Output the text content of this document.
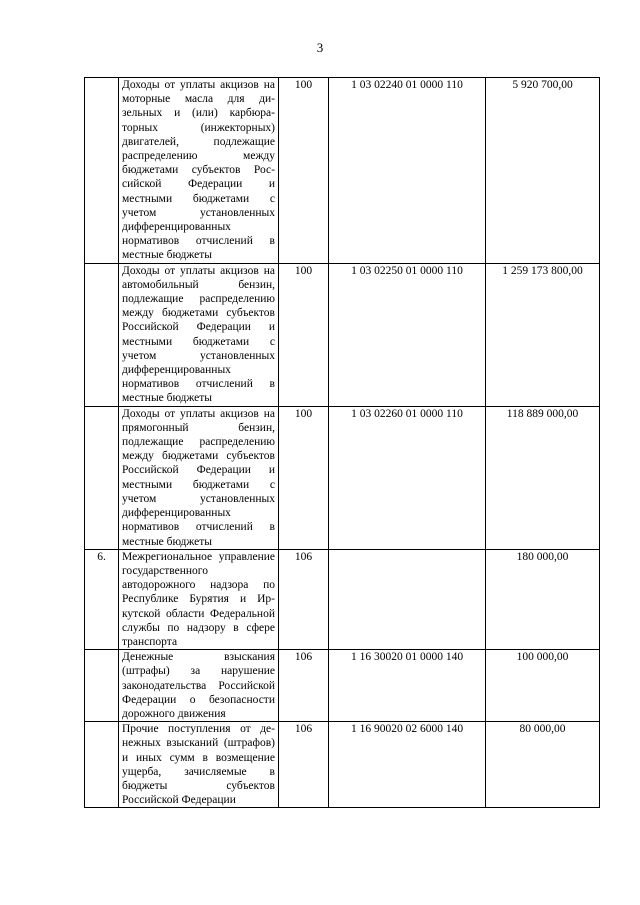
3

	Доходы от уплаты акцизов на моторные масла для дизельных и (или) карбюраторных (инжекторных) двигателей, подлежащие распределению между бюджетами субъектов Российской Федерации и местными бюджетами с учетом установленных дифференцированных нормативов отчислений в местные бюджеты	100	1 03 02240 01 0000 110	5 920 700,00

	Доходы от уплаты акцизов на автомобильный бензин, подлежащие распределению между бюджетами субъектов Российской Федерации и местными бюджетами с учетом установленных дифференцированных нормативов отчислений в местные бюджеты	100	1 03 02250 01 0000 110	1 259 173 800,00

	Доходы от уплаты акцизов на прямогонный бензин, подлежащие распределению между бюджетами субъектов Российской Федерации и местными бюджетами с учетом установленных дифференцированных нормативов отчислений в местные бюджеты	100	1 03 02260 01 0000 110	118 889 000,00
6.	Межрегиональное управление государственного автодорожного надзора по Республике Бурятия и Иркутской области Федеральной службы по надзору в сфере транспорта	106		180 000,00

	Денежные взыскания (штрафы) за нарушение законодательства Российской Федерации о безопасности дорожного движения	106	1 16 30020 01 0000 140	100 000,00

	Прочие поступления от денежных взысканий (штрафов) и иных сумм в возмещение ущерба, зачисляемые в бюджеты субъектов Российской Федерации	106	1 16 90020 02 6000 140	80 000,00
